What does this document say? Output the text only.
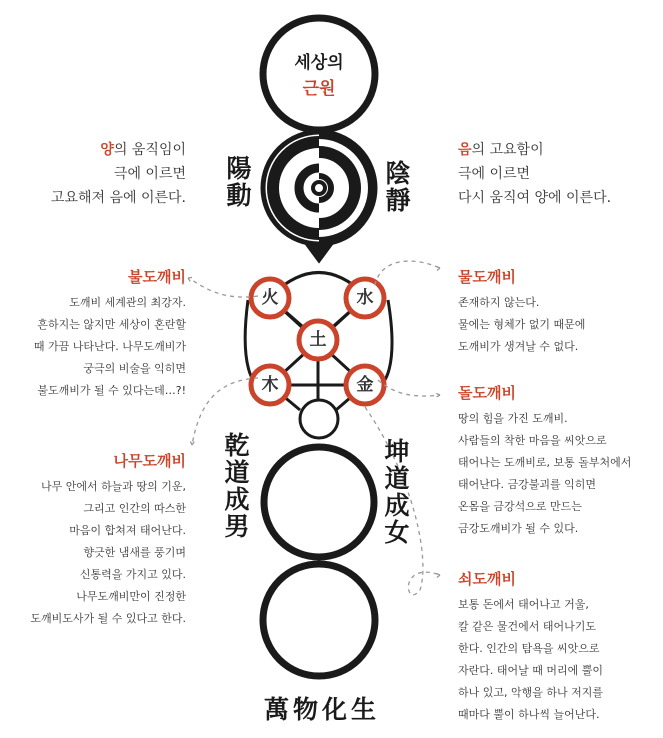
火	水
土
木	金
세상의
근원
양의 움직임이
극에 이르면
고요해져 음에 이른다.
음의 고요함이
극에 이르면
다시 움직여 양에 이른다.
陽
動
陰
靜
乾
道
成
男
坤
道
成
女
萬物化生
불도깨비
도깨비 세계관의 최강자.
흔하지는 않지만 세상이 혼란할
때 가끔 나타난다. 나무도깨비가
궁극의 비술을 익히면
불도깨비가 될 수 있다는데…?!
나무도깨비
나무 안에서 하늘과 땅의 기운,
그리고 인간의 따스한
마음이 합쳐져 태어난다.
향긋한 냄새를 풍기며
신통력을 가지고 있다.
나무도깨비만이 진정한
도깨비도사가 될 수 있다고 한다.
물도깨비
존재하지 않는다.
물에는 형체가 없기 때문에
도깨비가 생겨날 수 없다.
돌도깨비
땅의 힘을 가진 도깨비.
사람들의 착한 마음을 씨앗으로
태어나는 도깨비로, 보통 돌부처에서
태어난다. 금강불괴를 익히면
온몸을 금강석으로 만드는
금강도깨비가 될 수 있다.
쇠도깨비
보통 돈에서 태어나고 거울,
칼 같은 물건에서 태어나기도
한다. 인간의 탐욕을 씨앗으로
자란다. 태어날 때 머리에 뿔이
하나 있고, 악행을 하나 저지를
때마다 뿔이 하나씩 늘어난다.
